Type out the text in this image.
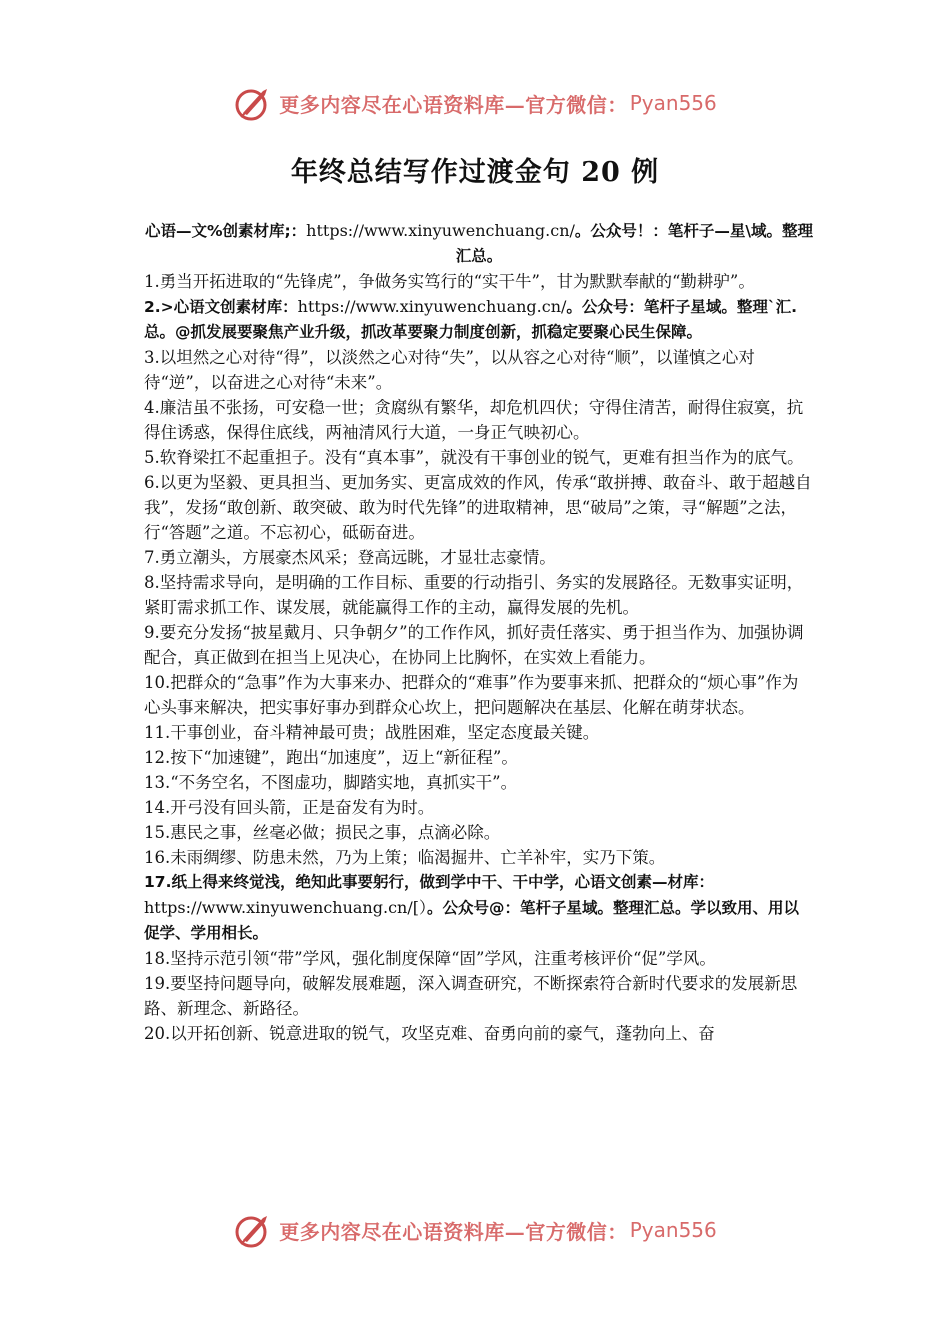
更多内容尽在心语资料库—官方微信： Pyan556
年终总结写作过渡金句 20 例

心语—文%创素材库;：https://www.xinyuwenchuang.cn/。公众号！：笔杆子—星\域。整理汇总。

1.勇当开拓进取的“先锋虎”，争做务实笃行的“实干牛”，甘为默默奉献的“勤耕驴”。

2.>心语文创素材库：https://www.xinyuwenchuang.cn/。公众号：笔杆子星域。整理`汇.总。@抓发展要聚焦产业升级，抓改革要聚力制度创新，抓稳定要聚心民生保障。

3.以坦然之心对待“得”，以淡然之心对待“失”，以从容之心对待“顺”，以谨慎之心对待“逆”，以奋进之心对待“未来”。

4.廉洁虽不张扬，可安稳一世；贪腐纵有繁华，却危机四伏；守得住清苦，耐得住寂寞，抗得住诱惑，保得住底线，两袖清风行大道，一身正气映初心。

5.软脊梁扛不起重担子。没有“真本事”，就没有干事创业的锐气，更难有担当作为的底气。

6.以更为坚毅、更具担当、更加务实、更富成效的作风，传承“敢拼搏、敢奋斗、敢于超越自我”，发扬“敢创新、敢突破、敢为时代先锋”的进取精神，思“破局”之策，寻“解题”之法，行“答题”之道。不忘初心，砥砺奋进。

7.勇立潮头，方展豪杰风采；登高远眺，才显壮志豪情。

8.坚持需求导向，是明确的工作目标、重要的行动指引、务实的发展路径。无数事实证明，紧盯需求抓工作、谋发展，就能赢得工作的主动，赢得发展的先机。

9.要充分发扬“披星戴月、只争朝夕”的工作作风，抓好责任落实、勇于担当作为、加强协调配合，真正做到在担当上见决心，在协同上比胸怀，在实效上看能力。

10.把群众的“急事”作为大事来办、把群众的“难事”作为要事来抓、把群众的“烦心事”作为心头事来解决，把实事好事办到群众心坎上，把问题解决在基层、化解在萌芽状态。

11.干事创业，奋斗精神最可贵；战胜困难，坚定态度最关键。

12.按下“加速键”，跑出“加速度”，迈上“新征程”。

13.“不务空名，不图虚功，脚踏实地，真抓实干”。

14.开弓没有回头箭，正是奋发有为时。

15.惠民之事，丝毫必做；损民之事，点滴必除。

16.未雨绸缪、防患未然，乃为上策；临渴掘井、亡羊补牢，实乃下策。

17.纸上得来终觉浅，绝知此事要躬行，做到学中干、干中学，心语文创素—材库：https://www.xinyuwenchuang.cn/[）。公众号@：笔杆子星域。整理汇总。学以致用、用以促学、学用相长。

18.坚持示范引领“带”学风，强化制度保障“固”学风，注重考核评价“促”学风。

19.要坚持问题导向，破解发展难题，深入调查研究，不断探索符合新时代要求的发展新思路、新理念、新路径。

20.以开拓创新、锐意进取的锐气，攻坚克难、奋勇向前的豪气，蓬勃向上、奋

更多内容尽在心语资料库—官方微信： Pyan556
